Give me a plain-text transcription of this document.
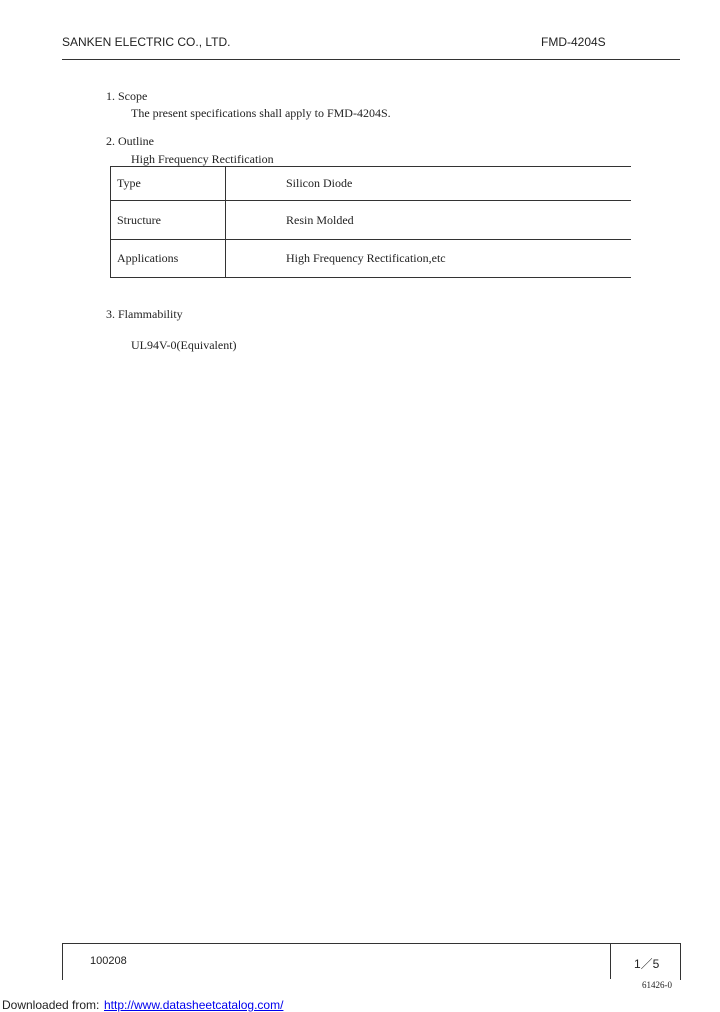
SANKEN ELECTRIC CO., LTD.	FMD-4204S
1. Scope
The present specifications shall apply to FMD-4204S.
2. Outline
High Frequency Rectification
Type	Silicon Diode
Structure	Resin Molded
Applications	High Frequency Rectification,etc
3. Flammability
UL94V-0(Equivalent)
100208	1／5
61426-0
Downloaded from: http://www.datasheetcatalog.com/
